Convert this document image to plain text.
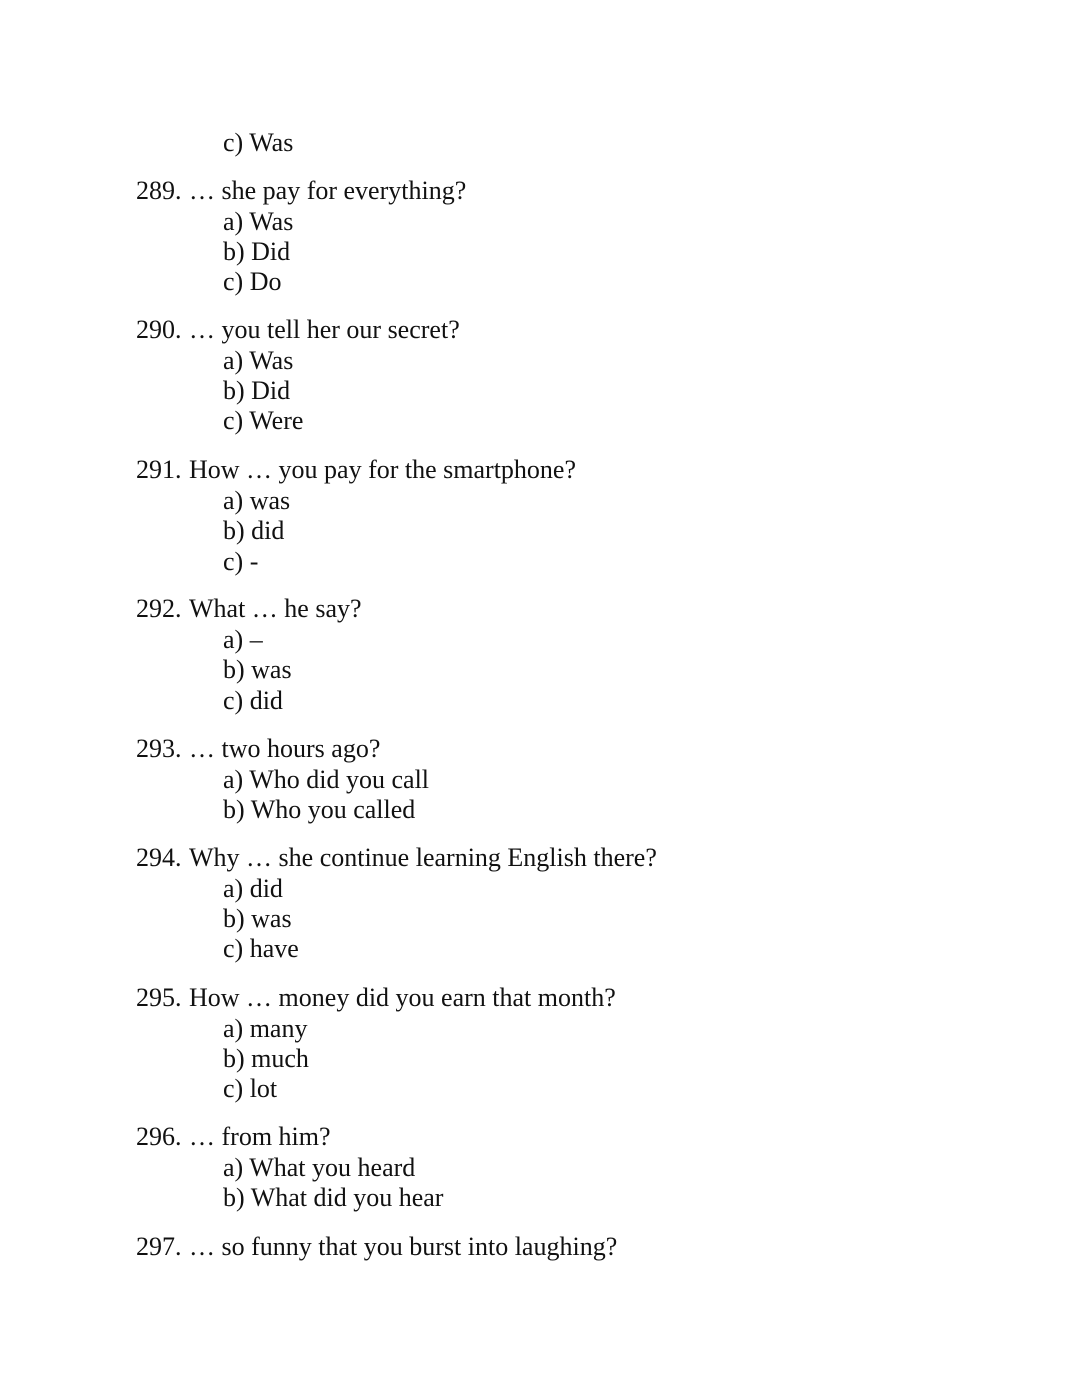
c) Was
289. … she pay for everything?
a) Was
b) Did
c) Do
290. … you tell her our secret?
a) Was
b) Did
c) Were
291. How … you pay for the smartphone?
a) was
b) did
c) -
292. What … he say?
a) –
b) was
c) did
293. … two hours ago?
a) Who did you call
b) Who you called
294. Why … she continue learning English there?
a) did
b) was
c) have
295. How … money did you earn that month?
a) many
b) much
c) lot
296. … from him?
a) What you heard
b) What did you hear
297. … so funny that you burst into laughing?
